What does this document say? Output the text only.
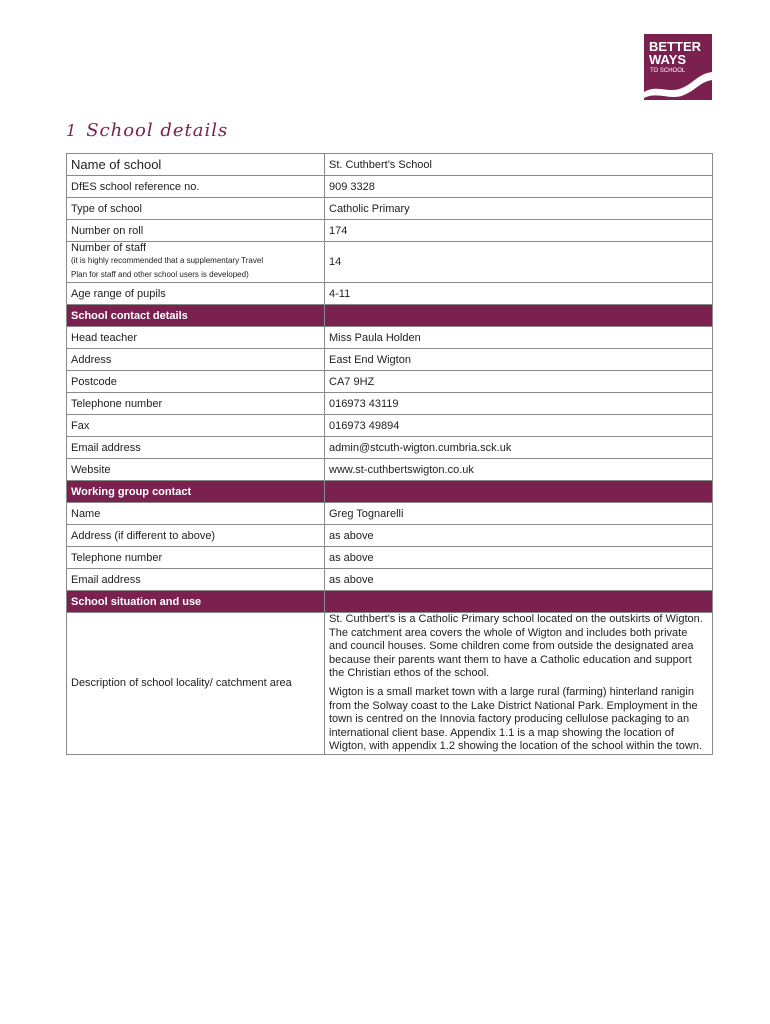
BETTER
WAYS
TO SCHOOL
1 School details
Name of school	St. Cuthbert's School
DfES school reference no.	909 3328
Type of school	Catholic Primary
Number on roll	174
Number of staff
(it is highly recommended that a supplementary Travel
Plan for staff and other school users is developed)	14
Age range of pupils	4-11
School contact details	
Head teacher	Miss Paula Holden
Address	East End Wigton
Postcode	CA7 9HZ
Telephone number	016973 43119
Fax	016973 49894
Email address	admin@stcuth-wigton.cumbria.sck.uk
Website	www.st-cuthbertswigton.co.uk
Working group contact	
Name	Greg Tognarelli
Address (if different to above)	as above
Telephone number	as above
Email address	as above
School situation and use	
Description of school locality/ catchment area	St. Cuthbert's is a Catholic Primary school located on the outskirts of Wigton. The catchment area covers the whole of Wigton and includes both private and council houses. Some children come from outside the designated area because their parents want them to have a Catholic education and support the Christian ethos of the school.

Wigton is a small market town with a large rural (farming) hinterland ranigin from the Solway coast to the Lake District National Park. Employment in the town is centred on the Innovia factory producing cellulose packaging to an international client base. Appendix 1.1 is a map showing the location of Wigton, with appendix 1.2 showing the location of the school within the town.
